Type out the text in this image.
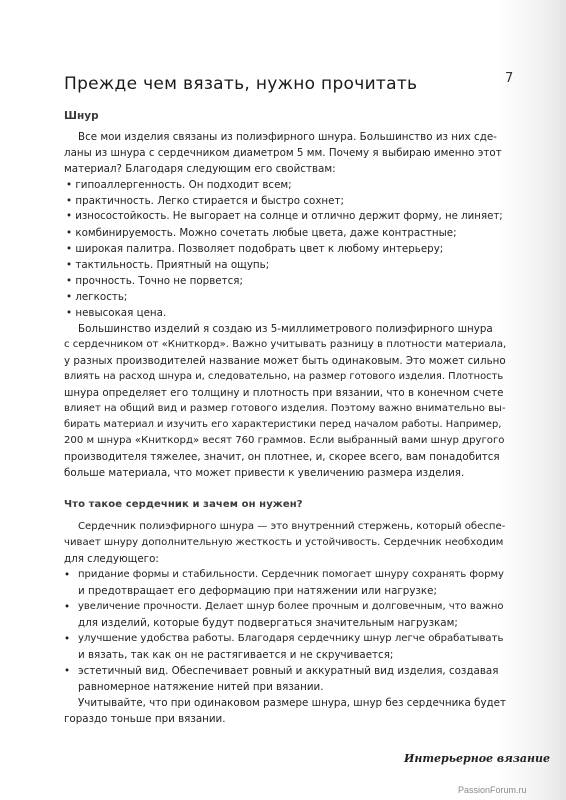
7
Прежде чем вязать, нужно прочитать
Шнур
Все мои изделия связаны из полиэфирного шнура. Большинство из них сде-
ланы из шнура с сердечником диаметром 5 мм. Почему я выбираю именно этот
материал? Благодаря следующим его свойствам:
• гипоаллергенность. Он подходит всем;
• практичность. Легко стирается и быстро сохнет;
• износостойкость. Не выгорает на солнце и отлично держит форму, не линяет;
• комбинируемость. Можно сочетать любые цвета, даже контрастные;
• широкая палитра. Позволяет подобрать цвет к любому интерьеру;
• тактильность. Приятный на ощупь;
• прочность. Точно не порвется;
• легкость;
• невысокая цена.
Большинство изделий я создаю из 5-миллиметрового полиэфирного шнура
с сердечником от «Книткорд». Важно учитывать разницу в плотности материала,
у разных производителей название может быть одинаковым. Это может сильно
влиять на расход шнура и, следовательно, на размер готового изделия. Плотность
шнура определяет его толщину и плотность при вязании, что в конечном счете
влияет на общий вид и размер готового изделия. Поэтому важно внимательно вы-
бирать материал и изучить его характеристики перед началом работы. Например,
200 м шнура «Книткорд» весят 760 граммов. Если выбранный вами шнур другого
производителя тяжелее, значит, он плотнее, и, скорее всего, вам понадобится
больше материала, что может привести к увеличению размера изделия.
Что такое сердечник и зачем он нужен?
Сердечник полиэфирного шнура — это внутренний стержень, который обеспе-
чивает шнуру дополнительную жесткость и устойчивость. Сердечник необходим
для следующего:
• придание формы и стабильности. Сердечник помогает шнуру сохранять форму
и предотвращает его деформацию при натяжении или нагрузке;
• увеличение прочности. Делает шнур более прочным и долговечным, что важно
для изделий, которые будут подвергаться значительным нагрузкам;
• улучшение удобства работы. Благодаря сердечнику шнур легче обрабатывать
и вязать, так как он не растягивается и не скручивается;
• эстетичный вид. Обеспечивает ровный и аккуратный вид изделия, создавая
равномерное натяжение нитей при вязании.
Учитывайте, что при одинаковом размере шнура, шнур без сердечника будет
гораздо тоньше при вязании.
Интерьерное вязание
PassionForum.ru
